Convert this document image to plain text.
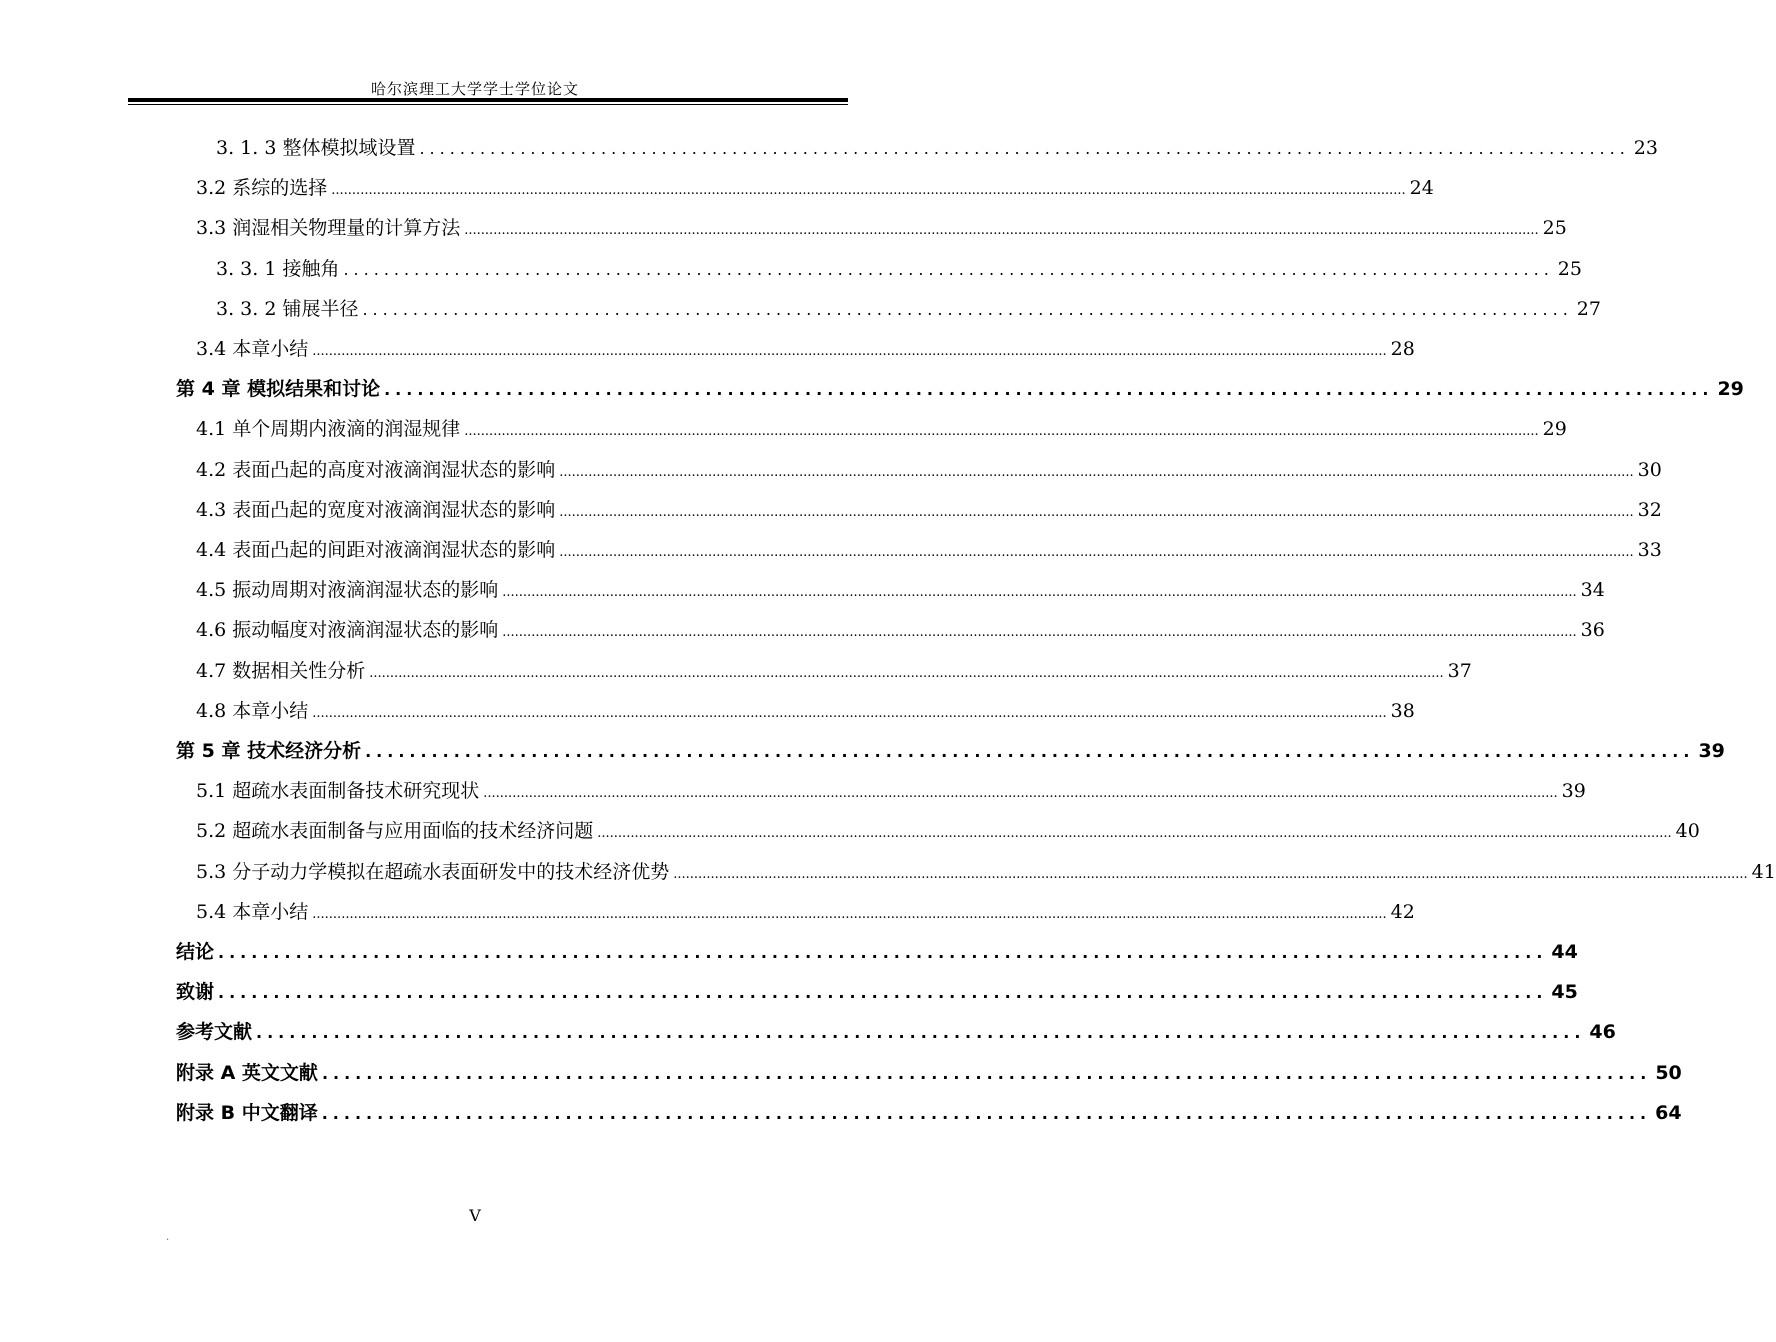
哈尔滨理工大学学士学位论文
3. 1. 3 整体模拟域设置 ........................................................................................................................ 23
3.2 系综的选择 .................................................................................................................................................................................................................................................................... 24
3.3 润湿相关物理量的计算方法 .................................................................................................................................................................................................................................................................... 25
3. 3. 1 接触角 ........................................................................................................................ 25
3. 3. 2 铺展半径 ........................................................................................................................ 27
3.4 本章小结 .................................................................................................................................................................................................................................................................... 28
第 4 章 模拟结果和讨论 ........................................................................................................................ 29
4.1 单个周期内液滴的润湿规律 .................................................................................................................................................................................................................................................................... 29
4.2 表面凸起的高度对液滴润湿状态的影响 .................................................................................................................................................................................................................................................................... 30
4.3 表面凸起的宽度对液滴润湿状态的影响 .................................................................................................................................................................................................................................................................... 32
4.4 表面凸起的间距对液滴润湿状态的影响 .................................................................................................................................................................................................................................................................... 33
4.5 振动周期对液滴润湿状态的影响 .................................................................................................................................................................................................................................................................... 34
4.6 振动幅度对液滴润湿状态的影响 .................................................................................................................................................................................................................................................................... 36
4.7 数据相关性分析 .................................................................................................................................................................................................................................................................... 37
4.8 本章小结 .................................................................................................................................................................................................................................................................... 38
第 5 章 技术经济分析 ........................................................................................................................ 39
5.1 超疏水表面制备技术研究现状 .................................................................................................................................................................................................................................................................... 39
5.2 超疏水表面制备与应用面临的技术经济问题 .................................................................................................................................................................................................................................................................... 40
5.3 分子动力学模拟在超疏水表面研发中的技术经济优势 .................................................................................................................................................................................................................................................................... 41
5.4 本章小结 .................................................................................................................................................................................................................................................................... 42
结论 ........................................................................................................................ 44
致谢 ........................................................................................................................ 45
参考文献 ........................................................................................................................ 46
附录 A 英文文献 ........................................................................................................................ 50
附录 B 中文翻译 ........................................................................................................................ 64
V
.
